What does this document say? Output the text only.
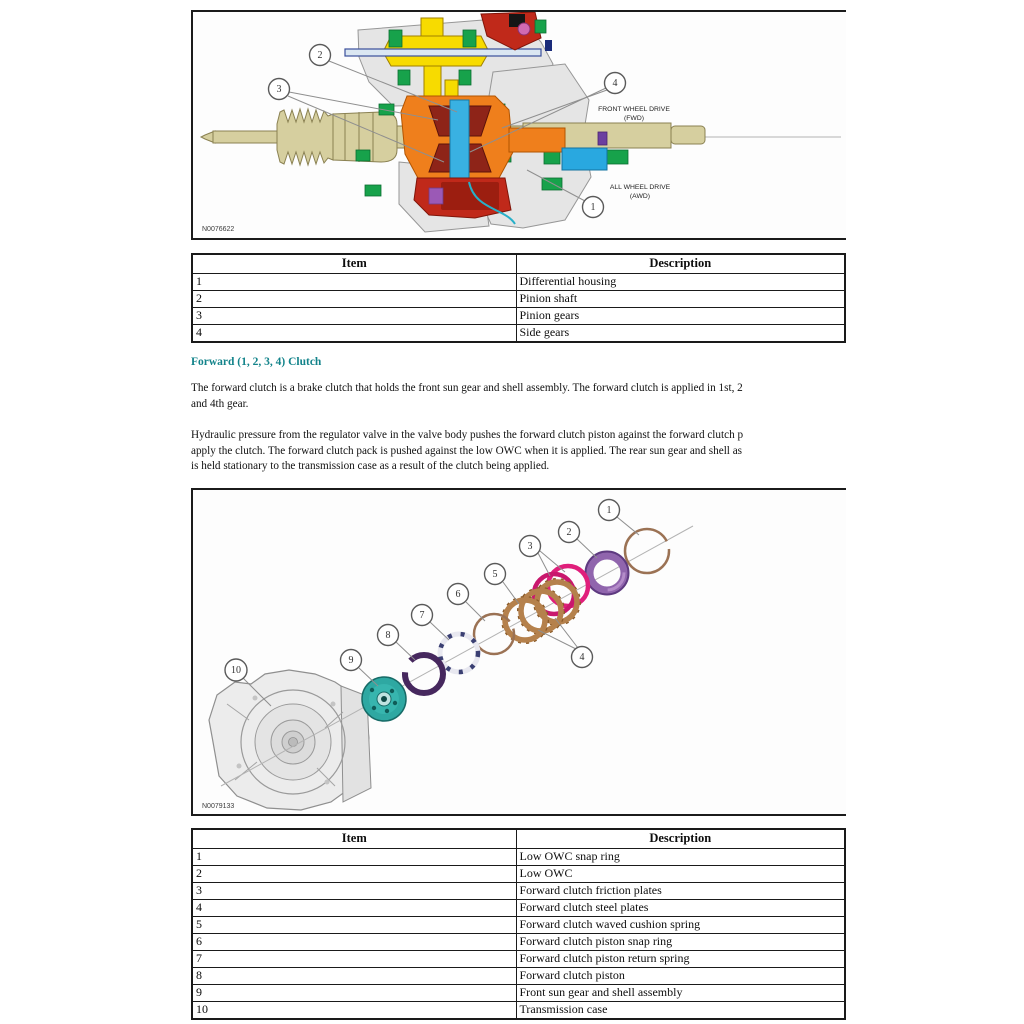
2
3
4
1
FRONT WHEEL DRIVE
(FWD)
ALL WHEEL DRIVE
(AWD)
N0076622
Item	Description
1	Differential housing
2	Pinion shaft
3	Pinion gears
4	Side gears
Forward (1, 2, 3, 4) Clutch
The forward clutch is a brake clutch that holds the front sun gear and shell assembly. The forward clutch is applied in 1st, 2
and 4th gear.
Hydraulic pressure from the regulator valve in the valve body pushes the forward clutch piston against the forward clutch p
apply the clutch. The forward clutch pack is pushed against the low OWC when it is applied. The rear sun gear and shell as
is held stationary to the transmission case as a result of the clutch being applied.
10
9
8
7
6
5
3
2
1
4
N0079133
Item	Description
1	Low OWC snap ring
2	Low OWC
3	Forward clutch friction plates
4	Forward clutch steel plates
5	Forward clutch waved cushion spring
6	Forward clutch piston snap ring
7	Forward clutch piston return spring
8	Forward clutch piston
9	Front sun gear and shell assembly
10	Transmission case
